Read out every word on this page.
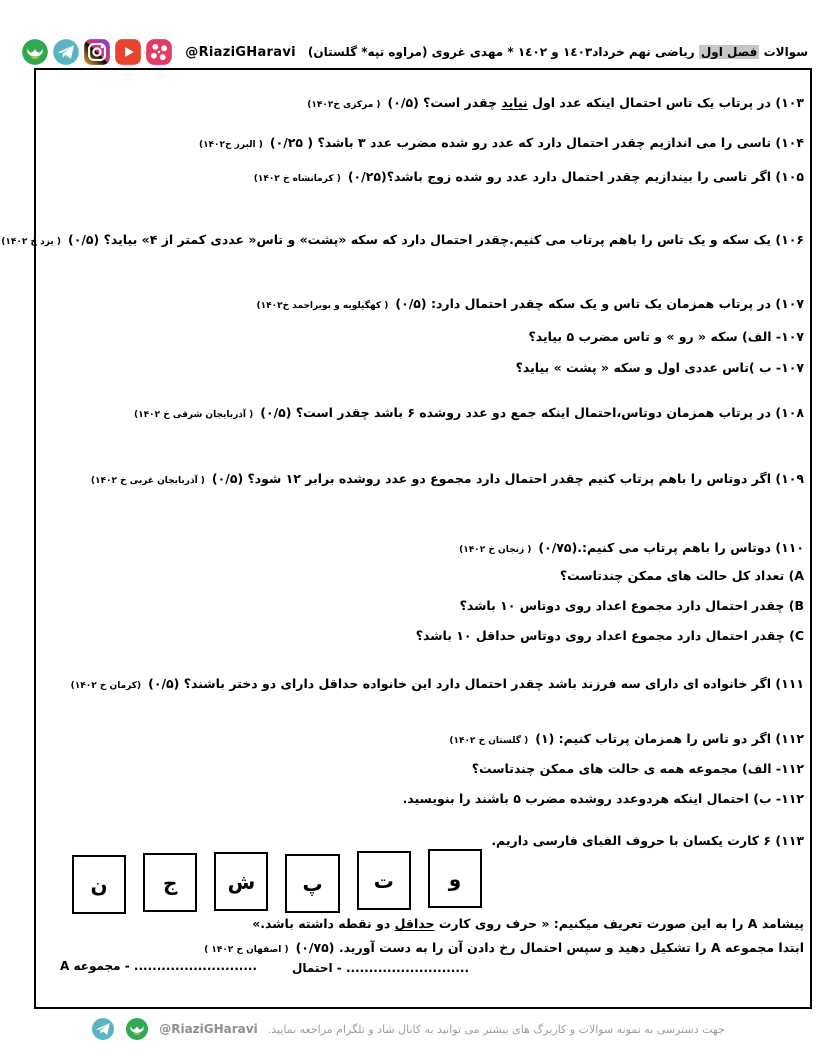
سوالات فصل اول ریاضی نهم خرداد۱٤۰۳ و ۱٤۰۲ * مهدی غروی (مراوه تپه* گلستان)
@RiaziGHaravi
۱۰۳) در پرتاب یک تاس احتمال اینکه عدد اول نیاید چقدر است؟ (۰/۵)( مرکزی خ۱۴۰۲)
۱۰۴) تاسی را می اندازیم چقدر احتمال دارد که عدد رو شده مضرب عدد ۳ باشد؟ ( ۰/۲۵)( البرز خ۱۴۰۲)
۱۰۵) اگر تاسی را بیندازیم چقدر احتمال دارد عدد رو شده زوج باشد؟(۰/۲۵)( کرمانشاه خ ۱۴۰۲)
۱۰۶) یک سکه و یک تاس را باهم پرتاب می کنیم.چقدر احتمال دارد که سکه «پشت» و تاس« عددی کمتر از ۴» بیاید؟ (۰/۵)( یزد خ ۱۴۰۲)
۱۰۷) در پرتاب همزمان یک تاس و یک سکه چقدر احتمال دارد: (۰/۵)( کهگیلویه و بویراحمد خ۱۴۰۲)
۱۰۷- الف) سکه « رو » و تاس مضرب ۵ بیاید؟
۱۰۷- ب )تاس عددی اول و سکه « پشت » بیاید؟
۱۰۸) در پرتاب همزمان دوتاس،احتمال اینکه جمع دو عدد روشده ۶ باشد چقدر است؟ (۰/۵)( آذربایجان شرقی خ ۱۴۰۲)
۱۰۹) اگر دوتاس را باهم پرتاب کنیم چقدر احتمال دارد مجموع دو عدد روشده برابر ۱۲ شود؟ (۰/۵)( آذربایجان غربی خ ۱۴۰۲)
۱۱۰) دوتاس را باهم پرتاب می کنیم:.(۰/۷۵)( زنجان خ ۱۴۰۲)
A) تعداد کل حالت های ممکن چندتاست؟
B) چقدر احتمال دارد مجموع اعداد روی دوتاس ۱۰ باشد؟
C) چقدر احتمال دارد مجموع اعداد روی دوتاس حداقل ۱۰ باشد؟
۱۱۱) اگر خانواده ای دارای سه فرزند باشد چقدر احتمال دارد این خانواده حداقل دارای دو دختر باشند؟ (۰/۵)(کرمان خ ۱۴۰۲)
۱۱۲) اگر دو تاس را همزمان پرتاب کنیم: (۱)( گلستان خ ۱۴۰۲)
۱۱۲- الف) مجموعه همه ی حالت های ممکن چندتاست؟
۱۱۲- ب) احتمال اینکه هردوعدد روشده مضرب ۵ باشند را بنویسید.
۱۱۳) ۶ کارت یکسان با حروف الفبای فارسی داریم.
و
ت
پ
ش
ج
ن
پیشامد A را به این صورت تعریف میکنیم: « حرف روی کارت حداقل دو نقطه داشته باشد.»
ابتدا مجموعه A را تشکیل دهید و سپس احتمال رخ دادن آن را به دست آورید. (۰/۷۵)( اصفهان خ ۱۴۰۲ )
........................... - احتمال
........................... - مجموعه A
جهت دسترسی به نمونه سوالات و کاربرگ های بیشتر می توانید به کانال شاد و تلگرام مراجعه نمایید.
@RiaziGHaravi
